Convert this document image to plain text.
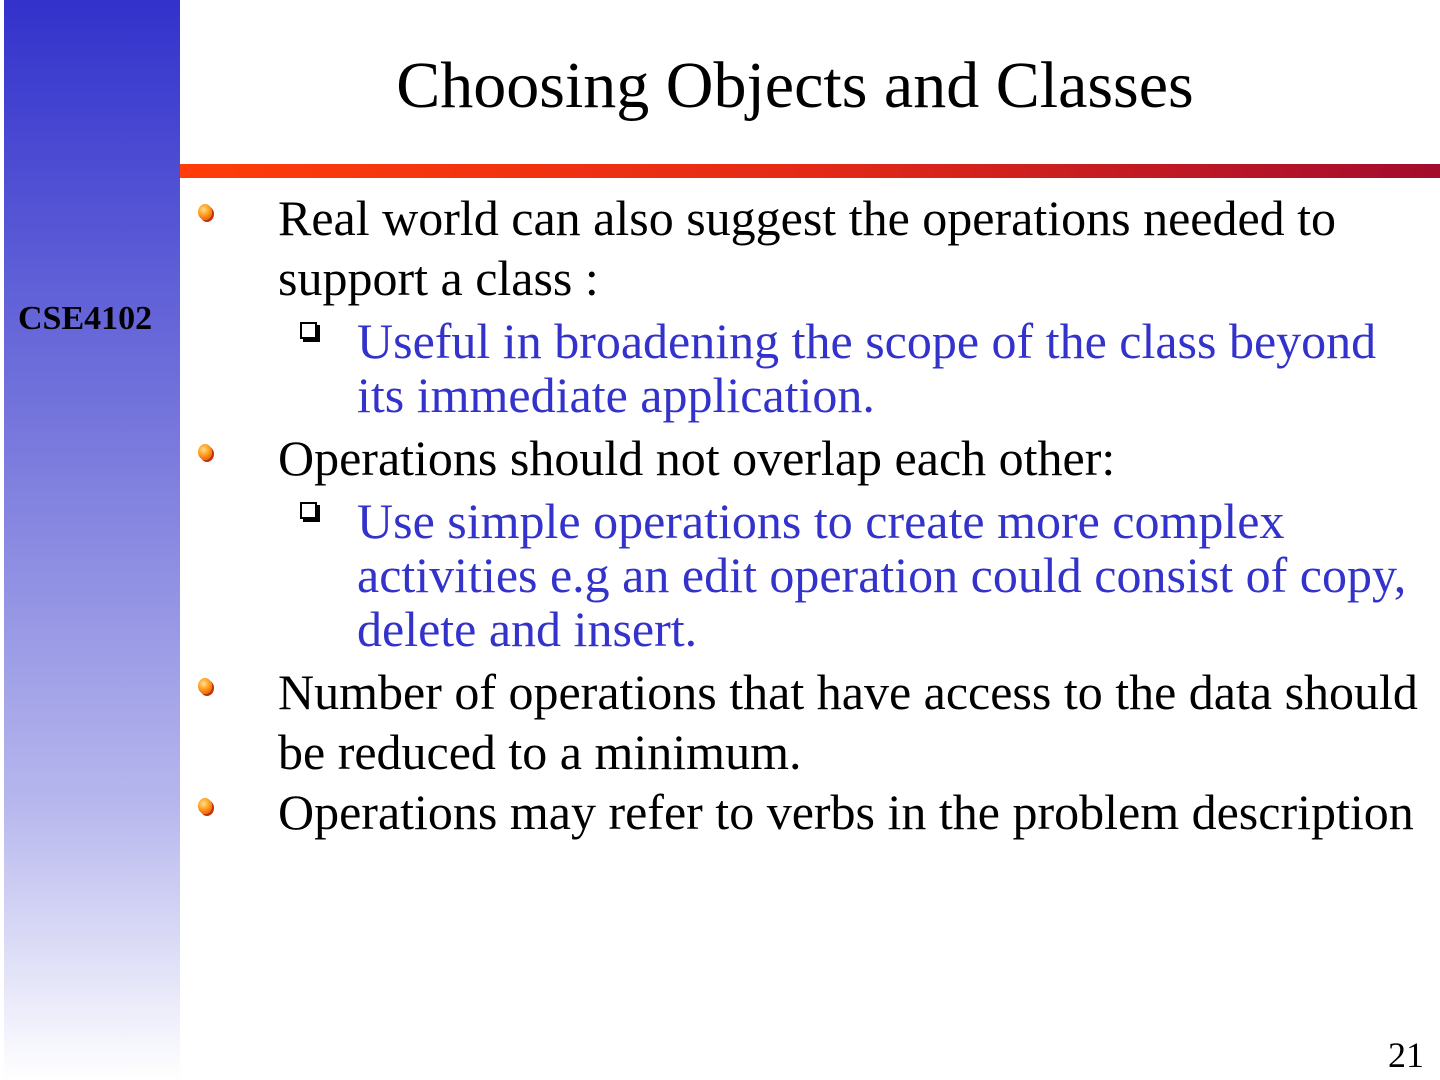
CSE4102
Choosing Objects and Classes
Real world can also suggest the operations needed to support a class :
Useful in broadening the scope of the class beyond its immediate application.
Operations should not overlap each other:
Use simple operations to create more complex activities e.g an edit operation could consist of copy, delete and insert.
Number of operations that have access to the data should be reduced to a minimum.
Operations may refer to verbs in the problem description
21
